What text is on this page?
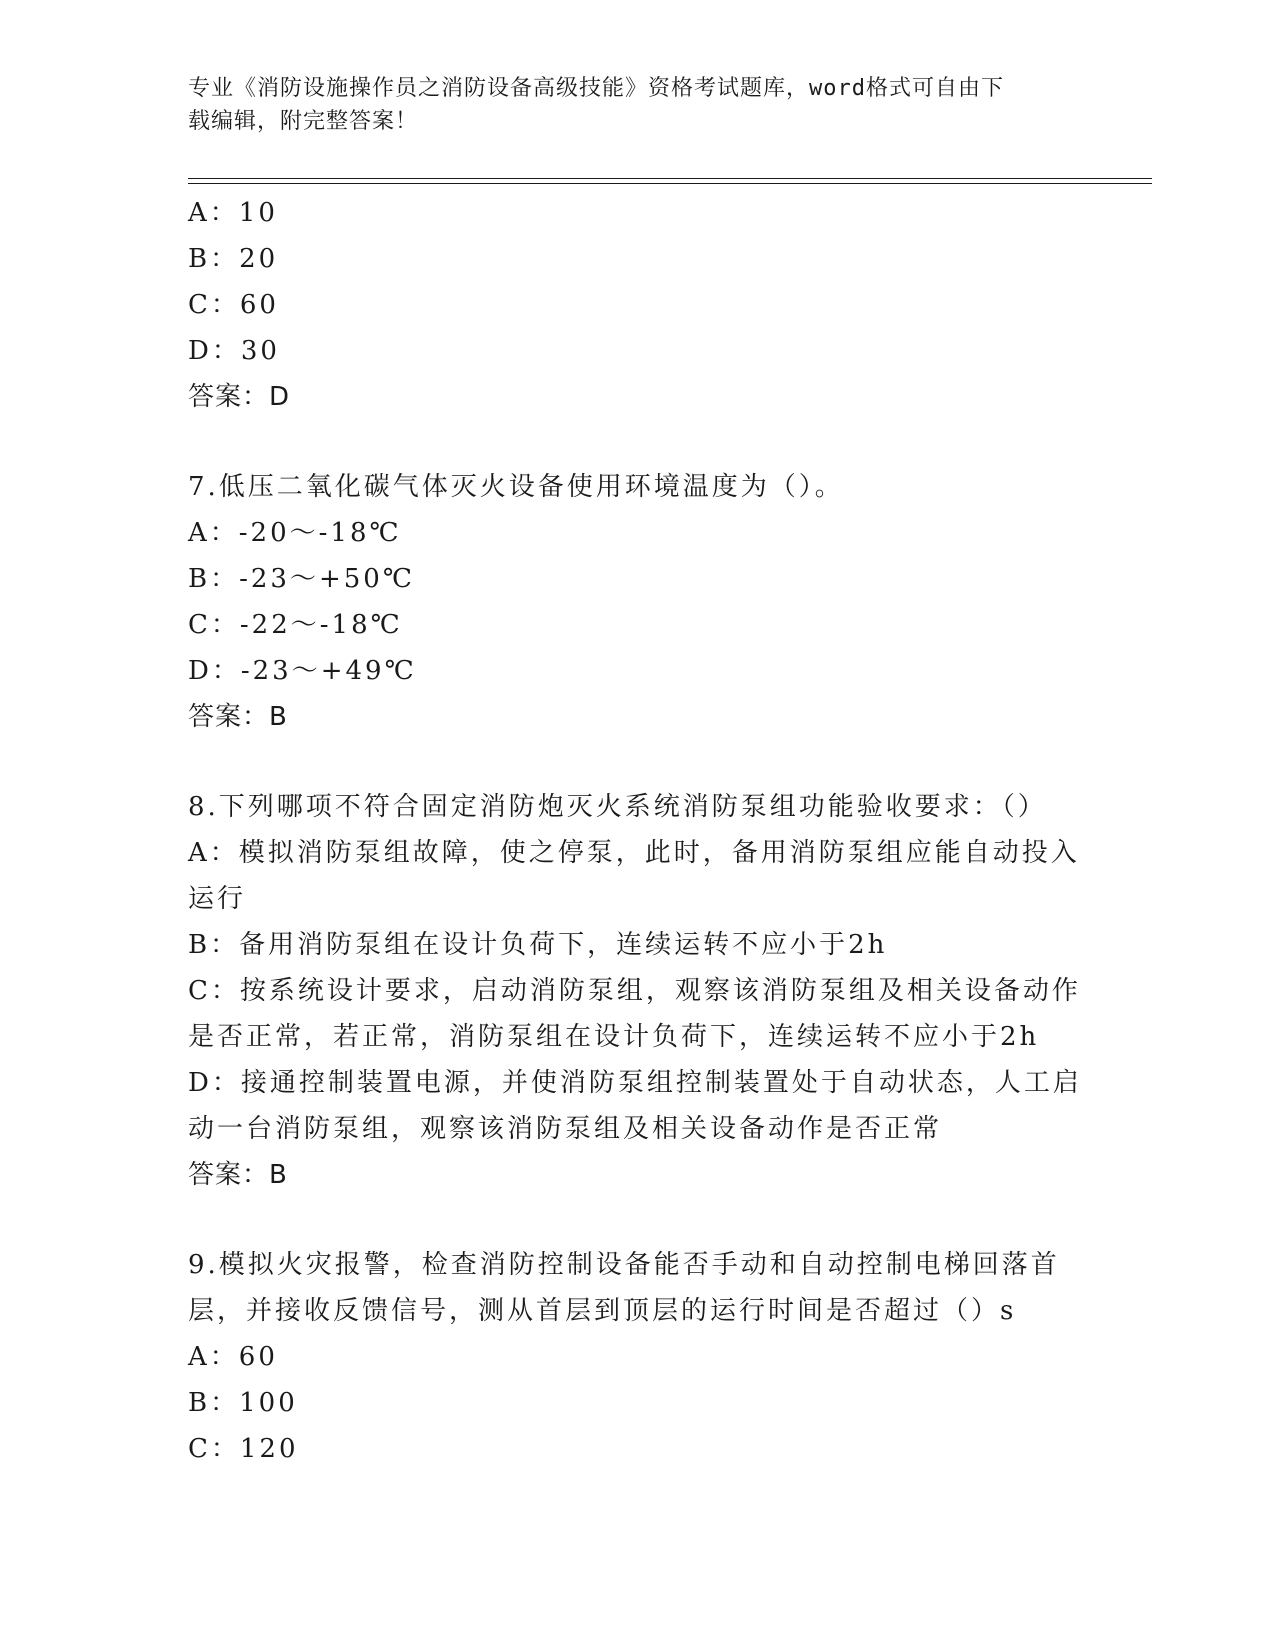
专业《消防设施操作员之消防设备高级技能》资格考试题库，word格式可自由下
载编辑，附完整答案！
A：10
B：20
C：60
D：30
答案：D
7.低压二氧化碳气体灭火设备使用环境温度为（）。
A：-20～-18℃
B：-23～+50℃
C：-22～-18℃
D：-23～+49℃
答案：B
8.下列哪项不符合固定消防炮灭火系统消防泵组功能验收要求：（）
A：模拟消防泵组故障，使之停泵，此时，备用消防泵组应能自动投入
运行
B：备用消防泵组在设计负荷下，连续运转不应小于2h
C：按系统设计要求，启动消防泵组，观察该消防泵组及相关设备动作
是否正常，若正常，消防泵组在设计负荷下，连续运转不应小于2h
D：接通控制装置电源，并使消防泵组控制装置处于自动状态，人工启
动一台消防泵组，观察该消防泵组及相关设备动作是否正常
答案：B
9.模拟火灾报警，检查消防控制设备能否手动和自动控制电梯回落首
层，并接收反馈信号，测从首层到顶层的运行时间是否超过（）s
A：60
B：100
C：120
